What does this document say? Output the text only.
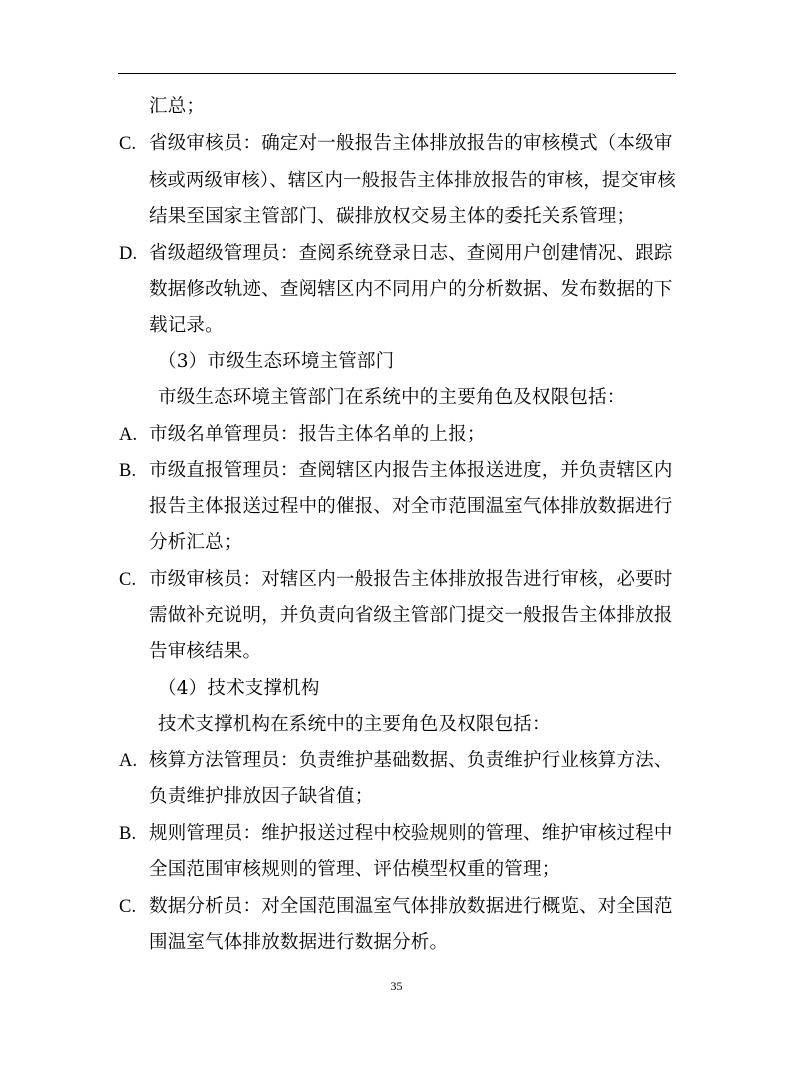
汇总；
C. 省级审核员：确定对一般报告主体排放报告的审核模式（本级审
核或两级审核）、辖区内一般报告主体排放报告的审核，提交审核
结果至国家主管部门、碳排放权交易主体的委托关系管理；
D. 省级超级管理员：查阅系统登录日志、查阅用户创建情况、跟踪
数据修改轨迹、查阅辖区内不同用户的分析数据、发布数据的下
载记录。
（3）市级生态环境主管部门
市级生态环境主管部门在系统中的主要角色及权限包括：
A. 市级名单管理员：报告主体名单的上报；
B. 市级直报管理员：查阅辖区内报告主体报送进度，并负责辖区内
报告主体报送过程中的催报、对全市范围温室气体排放数据进行
分析汇总；
C. 市级审核员：对辖区内一般报告主体排放报告进行审核，必要时
需做补充说明，并负责向省级主管部门提交一般报告主体排放报
告审核结果。
（4）技术支撑机构
技术支撑机构在系统中的主要角色及权限包括：
A. 核算方法管理员：负责维护基础数据、负责维护行业核算方法、
负责维护排放因子缺省值；
B. 规则管理员：维护报送过程中校验规则的管理、维护审核过程中
全国范围审核规则的管理、评估模型权重的管理；
C. 数据分析员：对全国范围温室气体排放数据进行概览、对全国范
围温室气体排放数据进行数据分析。
35
